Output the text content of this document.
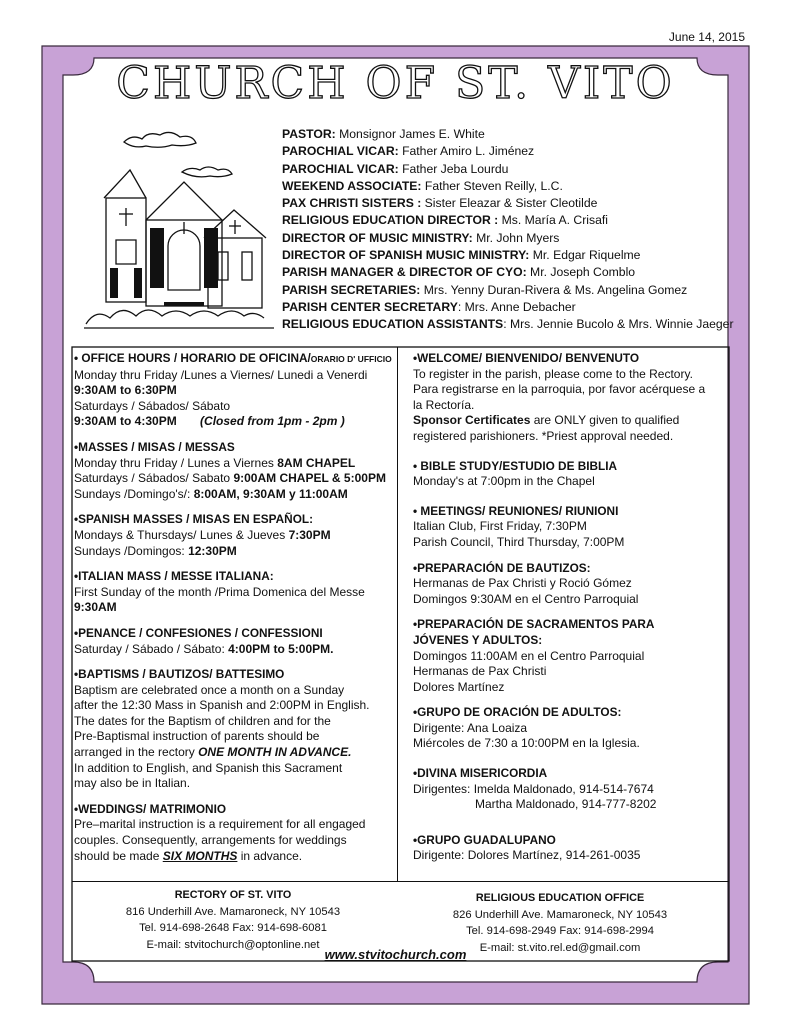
June 14, 2015
CHURCH OF ST. VITO
PASTOR: Monsignor James E. White
PAROCHIAL VICAR: Father Amiro L. Jiménez
PAROCHIAL VICAR: Father Jeba Lourdu
WEEKEND ASSOCIATE: Father Steven Reilly, L.C.
PAX CHRISTI SISTERS : Sister Eleazar & Sister Cleotilde
RELIGIOUS EDUCATION DIRECTOR : Ms. María A. Crisafi
DIRECTOR OF MUSIC MINISTRY: Mr. John Myers
DIRECTOR OF SPANISH MUSIC MINISTRY: Mr. Edgar Riquelme
PARISH MANAGER & DIRECTOR OF CYO: Mr. Joseph Comblo
PARISH SECRETARIES: Mrs. Yenny Duran-Rivera & Ms. Angelina Gomez
PARISH CENTER SECRETARY: Mrs. Anne Debacher
RELIGIOUS EDUCATION ASSISTANTS: Mrs. Jennie Bucolo & Mrs. Winnie Jaeger
• OFFICE HOURS / HORARIO DE OFICINA/ORARIO D' UFFICIO
Monday thru Friday /Lunes a Viernes/ Lunedi a Venerdi
9:30AM to 6:30PM
Saturdays / Sábados/ Sábato
9:30AM to 4:30PM (Closed from 1pm - 2pm )
•MASSES / MISAS / MESSAS
Monday thru Friday / Lunes a Viernes 8AM CHAPEL
Saturdays / Sábados/ Sabato 9:00AM CHAPEL & 5:00PM
Sundays /Domingo's/: 8:00AM, 9:30AM y 11:00AM
•SPANISH MASSES / MISAS EN ESPAÑOL:
Mondays & Thursdays/ Lunes & Jueves 7:30PM
Sundays /Domingos: 12:30PM
•ITALIAN MASS / MESSE ITALIANA:
First Sunday of the month /Prima Domenica del Messe
9:30AM
•PENANCE / CONFESIONES / CONFESSIONI
Saturday / Sábado / Sábato: 4:00PM to 5:00PM.
•BAPTISMS / BAUTIZOS/ BATTESIMO
Baptism are celebrated once a month on a Sunday
after the 12:30 Mass in Spanish and 2:00PM in English.
The dates for the Baptism of children and for the
Pre-Baptismal instruction of parents should be
arranged in the rectory ONE MONTH IN ADVANCE.
In addition to English, and Spanish this Sacrament
may also be in Italian.
•WEDDINGS/ MATRIMONIO
Pre–marital instruction is a requirement for all engaged
couples. Consequently, arrangements for weddings
should be made SIX MONTHS in advance.
•WELCOME/ BIENVENIDO/ BENVENUTO
To register in the parish, please come to the Rectory.
Para registrarse en la parroquia, por favor acérquese a
la Rectoría.
Sponsor Certificates are ONLY given to qualified
registered parishioners. *Priest approval needed.
• BIBLE STUDY/ESTUDIO DE BIBLIA
Monday's at 7:00pm in the Chapel
• MEETINGS/ REUNIONES/ RIUNIONI
Italian Club, First Friday, 7:30PM
Parish Council, Third Thursday, 7:00PM
•PREPARACIÓN DE BAUTIZOS:
Hermanas de Pax Christi y Roció Gómez
Domingos 9:30AM en el Centro Parroquial
•PREPARACIÓN DE SACRAMENTOS PARA
JÓVENES Y ADULTOS:
Domingos 11:00AM en el Centro Parroquial
Hermanas de Pax Christi
Dolores Martínez
•GRUPO DE ORACIÓN DE ADULTOS:
Dirigente: Ana Loaiza
Miércoles de 7:30 a 10:00PM en la Iglesia.
•DIVINA MISERICORDIA
Dirigentes: Imelda Maldonado, 914-514-7674
Martha Maldonado, 914-777-8202
•GRUPO GUADALUPANO
Dirigente: Dolores Martínez, 914-261-0035
RECTORY OF ST. VITO
816 Underhill Ave. Mamaroneck, NY 10543
Tel. 914-698-2648 Fax: 914-698-6081
E-mail: stvitochurch@optonline.net
RELIGIOUS EDUCATION OFFICE
826 Underhill Ave. Mamaroneck, NY 10543
Tel. 914-698-2949 Fax: 914-698-2994
E-mail: st.vito.rel.ed@gmail.com
www.stvitochurch.com
